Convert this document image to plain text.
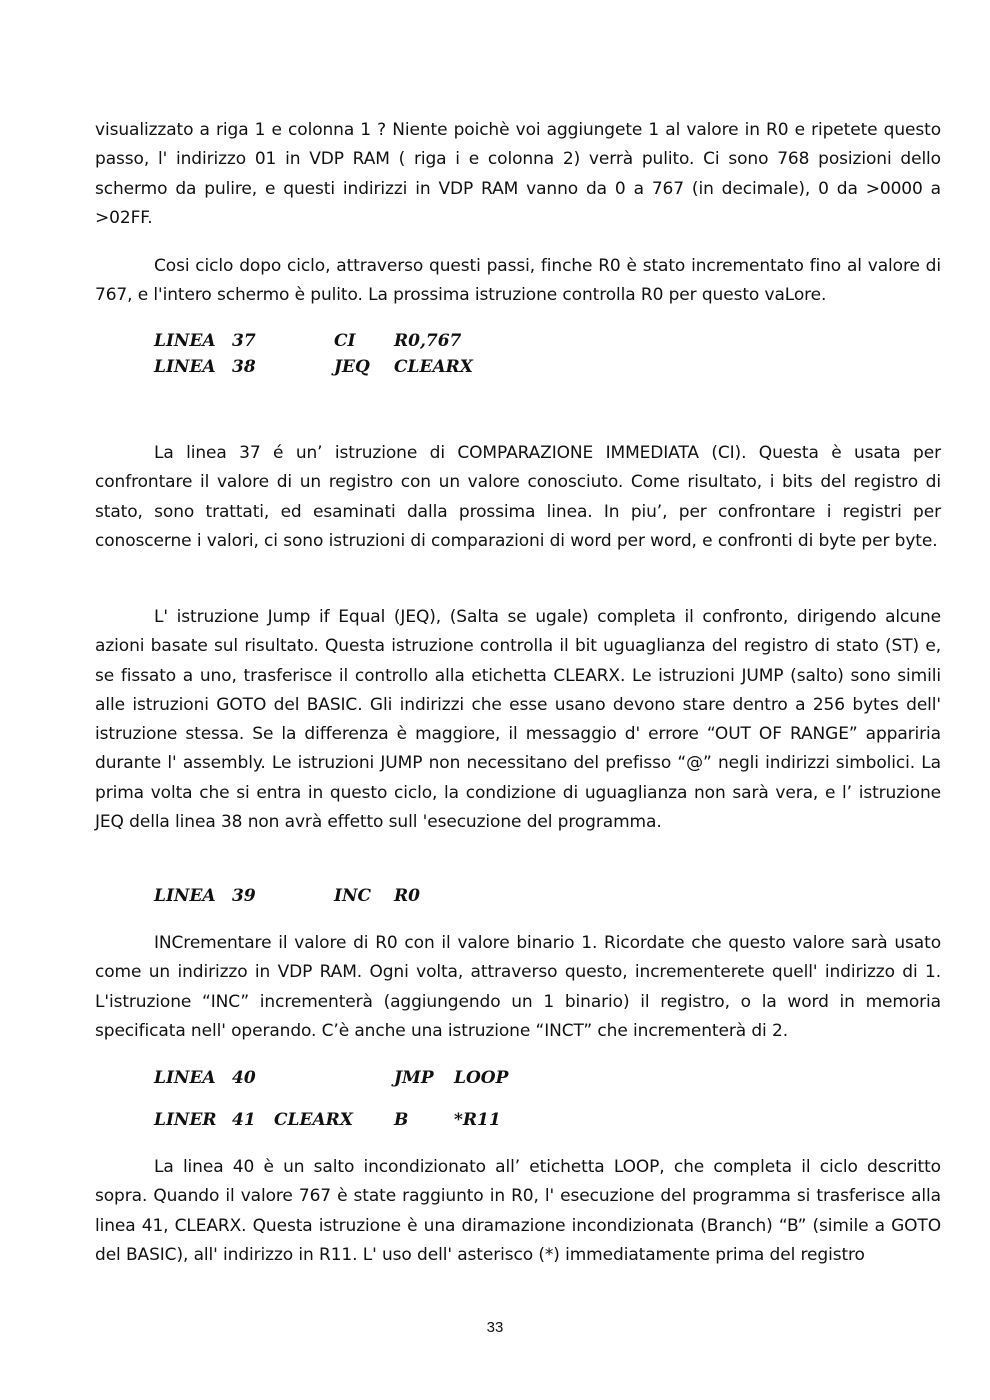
visualizzato a riga 1 e colonna 1 ? Niente poichè voi aggiungete 1 al valore in R0 e ripetete questo passo, l' indirizzo 01 in VDP RAM ( riga i e colonna 2) verrà pulito. Ci sono 768 posizioni dello schermo da pulire, e questi indirizzi in VDP RAM vanno da 0 a 767 (in decimale), 0 da >0000 a >02FF.
Cosi ciclo dopo ciclo, attraverso questi passi, finche R0 è stato incrementato fino al valore di 767, e l'intero schermo è pulito. La prossima istruzione controlla R0 per questo vaLore.
LINEA 37	CI R0,767
LINEA 38	JEQ CLEARX
La linea 37 é un’ istruzione di COMPARAZIONE IMMEDIATA (CI). Questa è usata per confrontare il valore di un registro con un valore conosciuto. Come risultato, i bits del registro di stato, sono trattati, ed esaminati dalla prossima linea. In piu’, per confrontare i registri per conoscerne i valori, ci sono istruzioni di comparazioni di word per word, e confronti di byte per byte.
L' istruzione Jump if Equal (JEQ), (Salta se ugale) completa il confronto, dirigendo alcune azioni basate sul risultato. Questa istruzione controlla il bit uguaglianza del registro di stato (ST) e, se fissato a uno, trasferisce il controllo alla etichetta CLEARX. Le istruzioni JUMP (salto) sono simili alle istruzioni GOTO del BASIC. Gli indirizzi che esse usano devono stare dentro a 256 bytes dell' istruzione stessa. Se la differenza è maggiore, il messaggio d' errore “OUT OF RANGE” appariria durante l' assembly. Le istruzioni JUMP non necessitano del prefisso “@” negli indirizzi simbolici. La prima volta che si entra in questo ciclo, la condizione di uguaglianza non sarà vera, e l’ istruzione JEQ della linea 38 non avrà effetto sull 'esecuzione del programma.
LINEA 39	INC R0
INCrementare il valore di R0 con il valore binario 1. Ricordate che questo valore sarà usato come un indirizzo in VDP RAM. Ogni volta, attraverso questo, incrementerete quell' indirizzo di 1. L'istruzione “INC” incrementerà (aggiungendo un 1 binario) il registro, o la word in memoria specificata nell' operando. C’è anche una istruzione “INCT” che incrementerà di 2.
LINEA 40	JMP LOOP
LINER 41 CLEARX B	*R11
La linea 40 è un salto incondizionato all’ etichetta LOOP, che completa il ciclo descritto sopra. Quando il valore 767 è state raggiunto in R0, l' esecuzione del programma si trasferisce alla linea 41, CLEARX. Questa istruzione è una diramazione incondizionata (Branch) “B” (simile a GOTO del BASIC), all' indirizzo in R11. L' uso dell' asterisco (*) immediatamente prima del registro
33
